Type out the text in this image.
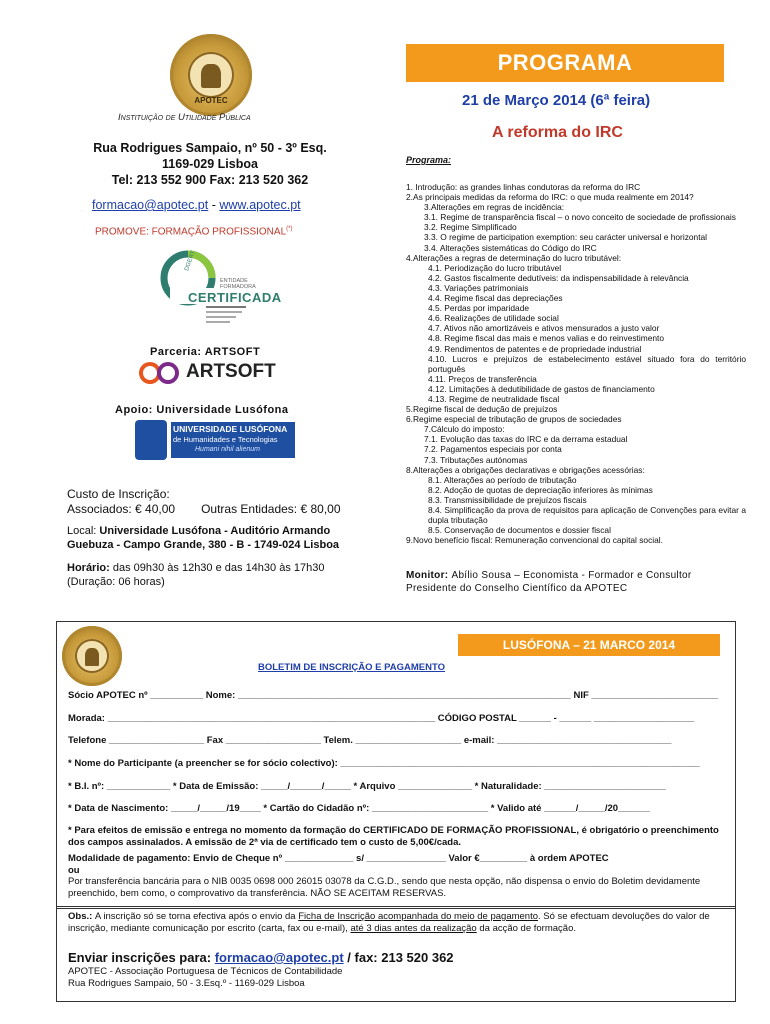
APOTEC
Instituição de Utilidade Pública
Rua Rodrigues Sampaio, nº 50 - 3º Esq.
1169-029 Lisboa
Tel: 213 552 900 Fax: 213 520 362
formacao@apotec.pt - www.apotec.pt
PROMOVE: FORMAÇÃO PROFISSIONAL(*)
DGERT
ENTIDADE
FORMADORA
CERTIFICADA
Parceria: ARTSOFT
ARTSOFT
Apoio: Universidade Lusófona
UNIVERSIDADE LUSÓFONA
de Humanidades e Tecnologias
Humani nihil alienum
Custo de Inscrição:
Associados: € 40,00 Outras Entidades: € 80,00
Local: Universidade Lusófona - Auditório Armando Guebuza - Campo Grande, 380 - B - 1749-024 Lisboa
Horário: das 09h30 às 12h30 e das 14h30 às 17h30
(Duração: 06 horas)
PROGRAMA
21 de Março 2014 (6ª feira)
A reforma do IRC
Programa:
1. Introdução: as grandes linhas condutoras da reforma do IRC
2.As principais medidas da reforma do IRC: o que muda realmente em 2014?
3.Alterações em regras de incidência:
3.1. Regime de transparência fiscal – o novo conceito de sociedade de profissionais
3.2. Regime Simplificado
3.3. O regime de participation exemption: seu carácter universal e horizontal
3.4. Alterações sistemáticas do Código do IRC
4.Alterações a regras de determinação do lucro tributável:
4.1. Periodização do lucro tributável
4.2. Gastos fiscalmente dedutíveis: da indispensabilidade à relevância
4.3. Variações patrimoniais
4.4. Regime fiscal das depreciações
4.5. Perdas por imparidade
4.6. Realizações de utilidade social
4.7. Ativos não amortizáveis e ativos mensurados a justo valor
4.8. Regime fiscal das mais e menos valias e do reinvestimento
4.9. Rendimentos de patentes e de propriedade industrial
4.10. Lucros e prejuízos de estabelecimento estável situado fora do território português
4.11. Preços de transferência
4.12. Limitações à dedutibilidade de gastos de financiamento
4.13. Regime de neutralidade fiscal
5.Regime fiscal de dedução de prejuízos
6.Regime especial de tributação de grupos de sociedades
7.Cálculo do imposto:
7.1. Evolução das taxas do IRC e da derrama estadual
7.2. Pagamentos especiais por conta
7.3. Tributações autónomas
8.Alterações a obrigações declarativas e obrigações acessórias:
8.1. Alterações ao período de tributação
8.2. Adoção de quotas de depreciação inferiores às mínimas
8.3. Transmissibilidade de prejuízos fiscais
8.4. Simplificação da prova de requisitos para aplicação de Convenções para evitar a dupla tributação
8.5. Conservação de documentos e dossier fiscal
9.Novo benefício fiscal: Remuneração convencional do capital social.
Monitor: Abílio Sousa – Economista - Formador e Consultor
Presidente do Conselho Científico da APOTEC
LUSÓFONA – 21 MARCO 2014
BOLETIM DE INSCRIÇÃO E PAGAMENTO
Sócio APOTEC nº __________ Nome: _______________________________________________________________ NIF ________________________
Morada: ______________________________________________________________ CÓDIGO POSTAL ______ - ______ ___________________
Telefone __________________ Fax __________________ Telem. ____________________ e-mail: _________________________________
* Nome do Participante (a preencher se for sócio colectivo): ____________________________________________________________________
* B.I. nº: ____________ * Data de Emissão: _____/______/_____ * Arquivo ______________ * Naturalidade: _______________________
* Data de Nascimento: _____/_____/19____ * Cartão do Cidadão nº: ______________________ * Valido até ______/_____/20______
* Para efeitos de emissão e entrega no momento da formação do CERTIFICADO DE FORMAÇÃO PROFISSIONAL, é obrigatório o preenchimento dos campos assinalados. A emissão de 2ª via de certificado tem o custo de 5,00€/cada.
Modalidade de pagamento: Envio de Cheque nº _____________ s/ _______________ Valor €_________ à ordem APOTEC
ou
Por transferência bancária para o NIB 0035 0698 000 26015 03078 da C.G.D., sendo que nesta opção, não dispensa o envio do Boletim devidamente preenchido, bem como, o comprovativo da transferência. NÃO SE ACEITAM RESERVAS.
Obs.: A inscrição só se torna efectiva após o envio da Ficha de Inscrição acompanhada do meio de pagamento. Só se efectuam devoluções do valor de inscrição, mediante comunicação por escrito (carta, fax ou e-mail), até 3 dias antes da realização da acção de formação.
Enviar inscrições para: formacao@apotec.pt / fax: 213 520 362
APOTEC - Associação Portuguesa de Técnicos de Contabilidade
Rua Rodrigues Sampaio, 50 - 3.Esq.º - 1169-029 Lisboa
